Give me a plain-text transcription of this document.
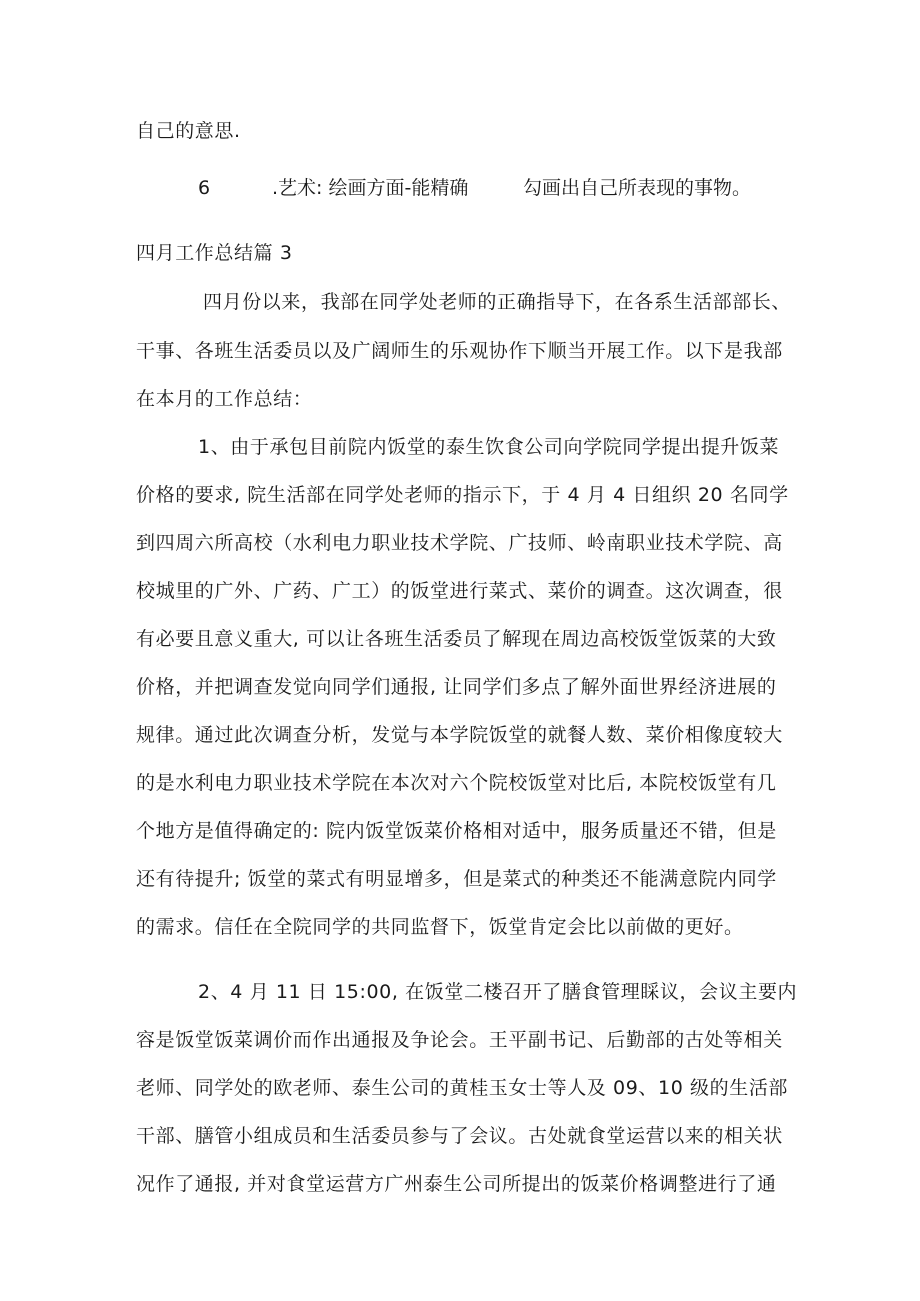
自己的意思.
6	.艺术: 绘画方面-能精确	勾画出自己所表现的事物。
四月工作总结篇 3
四月份以来，我部在同学处老师的正确指导下，在各系生活部部长、
干事、各班生活委员以及广阔师生的乐观协作下顺当开展工作。以下是我部
在本月的工作总结：
1、由于承包目前院内饭堂的泰生饮食公司向学院同学提出提升饭菜
价格的要求, 院生活部在同学处老师的指示下，于 4 月 4 日组织 20 名同学
到四周六所高校（水利电力职业技术学院、广技师、岭南职业技术学院、高
校城里的广外、广药、广工）的饭堂进行菜式、菜价的调查。这次调查，很
有必要且意义重大, 可以让各班生活委员了解现在周边高校饭堂饭菜的大致
价格，并把调查发觉向同学们通报, 让同学们多点了解外面世界经济进展的
规律。通过此次调查分析，发觉与本学院饭堂的就餐人数、菜价相像度较大
的是水利电力职业技术学院在本次对六个院校饭堂对比后, 本院校饭堂有几
个地方是值得确定的: 院内饭堂饭菜价格相对适中，服务质量还不错，但是
还有待提升; 饭堂的菜式有明显增多，但是菜式的种类还不能满意院内同学
的需求。信任在全院同学的共同监督下，饭堂肯定会比以前做的更好。
2、4 月 11 日 15:00, 在饭堂二楼召开了膳食管理睬议，会议主要内
容是饭堂饭菜调价而作出通报及争论会。王平副书记、后勤部的古处等相关
老师、同学处的欧老师、泰生公司的黄桂玉女士等人及 09、10 级的生活部
干部、膳管小组成员和生活委员参与了会议。古处就食堂运营以来的相关状
况作了通报, 并对食堂运营方广州泰生公司所提出的饭菜价格调整进行了通
